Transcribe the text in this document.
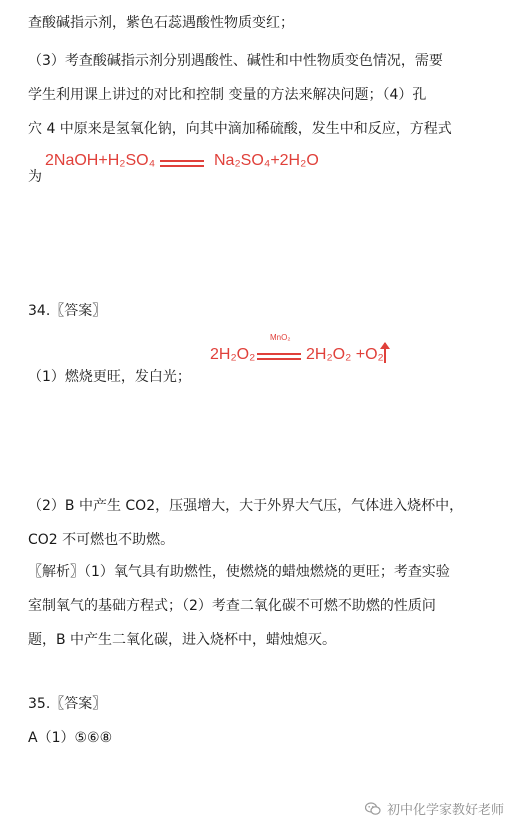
查酸碱指示剂，紫色石蕊遇酸性物质变红；
（3）考查酸碱指示剂分别遇酸性、碱性和中性物质变色情况，需要
学生利用课上讲过的对比和控制 变量的方法来解决问题；（4）孔
穴 4 中原来是氢氧化钠，向其中滴加稀硫酸，发生中和反应，方程式
为
2NaOH+H₂SO₄	Na₂SO₄+2H₂O
34.〖答案〗
MnO₂
2H₂O₂	2H₂O₂ +O₂
（1）燃烧更旺，发白光；
（2）B 中产生 CO2，压强增大，大于外界大气压，气体进入烧杯中，
CO2 不可燃也不助燃。
〖解析〗（1）氧气具有助燃性，使燃烧的蜡烛燃烧的更旺；考查实验
室制氧气的基础方程式；（2）考查二氧化碳不可燃不助燃的性质问
题，B 中产生二氧化碳，进入烧杯中，蜡烛熄灭。
35.〖答案〗
A（1）⑤⑥⑧
初中化学家教好老师
